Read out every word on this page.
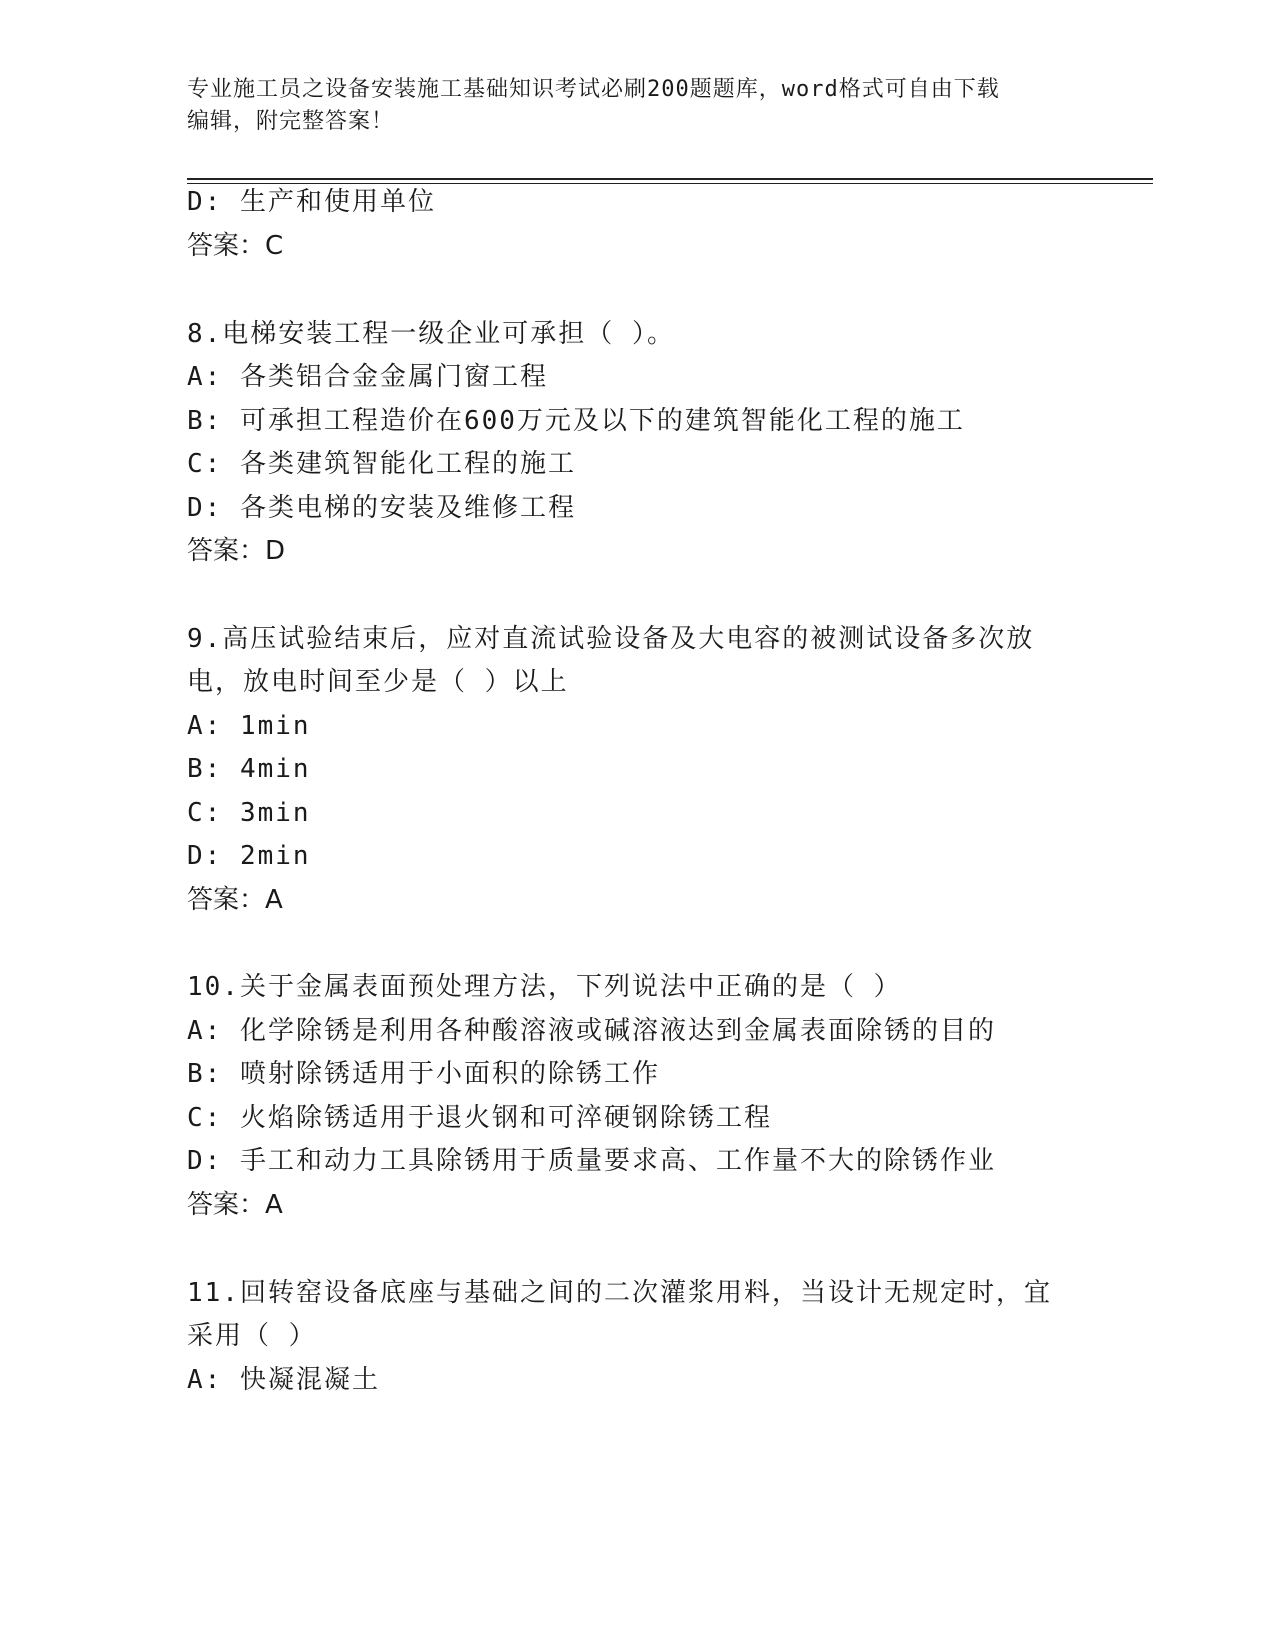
专业施工员之设备安装施工基础知识考试必刷200题题库，word格式可自由下载
编辑，附完整答案！
D: 生产和使用单位
答案：C
8.电梯安装工程一级企业可承担（ ）。
A: 各类铝合金金属门窗工程
B: 可承担工程造价在600万元及以下的建筑智能化工程的施工
C: 各类建筑智能化工程的施工
D: 各类电梯的安装及维修工程
答案：D
9.高压试验结束后，应对直流试验设备及大电容的被测试设备多次放
电，放电时间至少是（ ）以上
A: 1min
B: 4min
C: 3min
D: 2min
答案：A
10.关于金属表面预处理方法，下列说法中正确的是（ ）
A: 化学除锈是利用各种酸溶液或碱溶液达到金属表面除锈的目的
B: 喷射除锈适用于小面积的除锈工作
C: 火焰除锈适用于退火钢和可淬硬钢除锈工程
D: 手工和动力工具除锈用于质量要求高、工作量不大的除锈作业
答案：A
11.回转窑设备底座与基础之间的二次灌浆用料，当设计无规定时，宜
采用（ ）
A: 快凝混凝土
